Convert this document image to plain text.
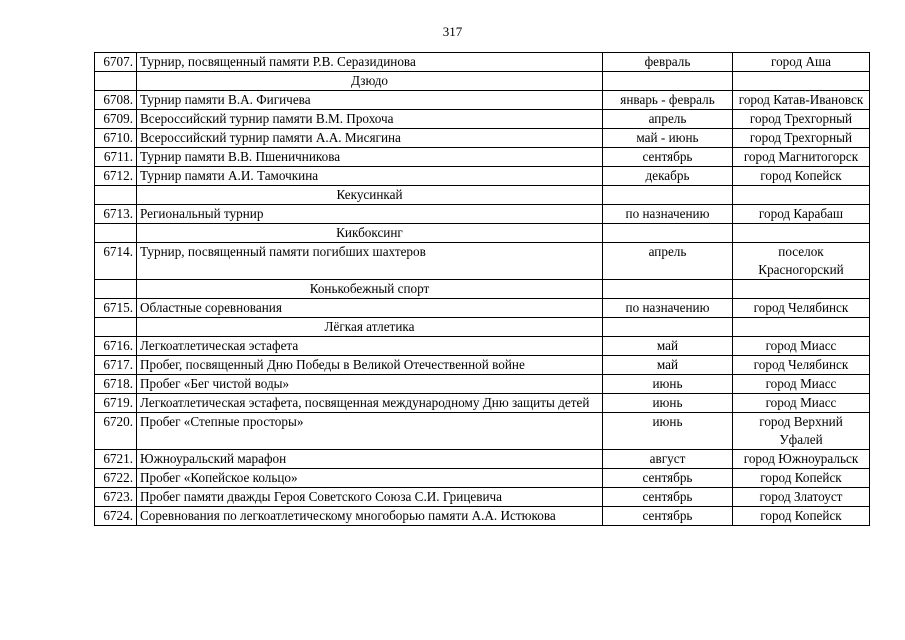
317
6707.	Турнир, посвященный памяти Р.В. Серазидинова	февраль	город Аша
	Дзюдо		
6708.	Турнир памяти В.А. Фигичева	январь - февраль	город Катав-Ивановск
6709.	Всероссийский турнир памяти В.М. Прохоча	апрель	город Трехгорный
6710.	Всероссийский турнир памяти А.А. Мисягина	май - июнь	город Трехгорный
6711.	Турнир памяти В.В. Пшеничникова	сентябрь	город Магнитогорск
6712.	Турнир памяти А.И. Тамочкина	декабрь	город Копейск
	Кекусинкай		
6713.	Региональный турнир	по назначению	город Карабаш
	Кикбоксинг		
6714.	Турнир, посвященный памяти погибших шахтеров	апрель	поселок Красногорский
	Конькобежный спорт		
6715.	Областные соревнования	по назначению	город Челябинск
	Лёгкая атлетика		
6716.	Легкоатлетическая эстафета	май	город Миасс
6717.	Пробег, посвященный Дню Победы в Великой Отечественной войне	май	город Челябинск
6718.	Пробег «Бег чистой воды»	июнь	город Миасс
6719.	Легкоатлетическая эстафета, посвященная международному Дню защиты детей	июнь	город Миасс
6720.	Пробег «Степные просторы»	июнь	город Верхний Уфалей
6721.	Южноуральский марафон	август	город Южноуральск
6722.	Пробег «Копейское кольцо»	сентябрь	город Копейск
6723.	Пробег памяти дважды Героя Советского Союза С.И. Грицевича	сентябрь	город Златоуст
6724.	Соревнования по легкоатлетическому многоборью памяти А.А. Истюкова	сентябрь	город Копейск
